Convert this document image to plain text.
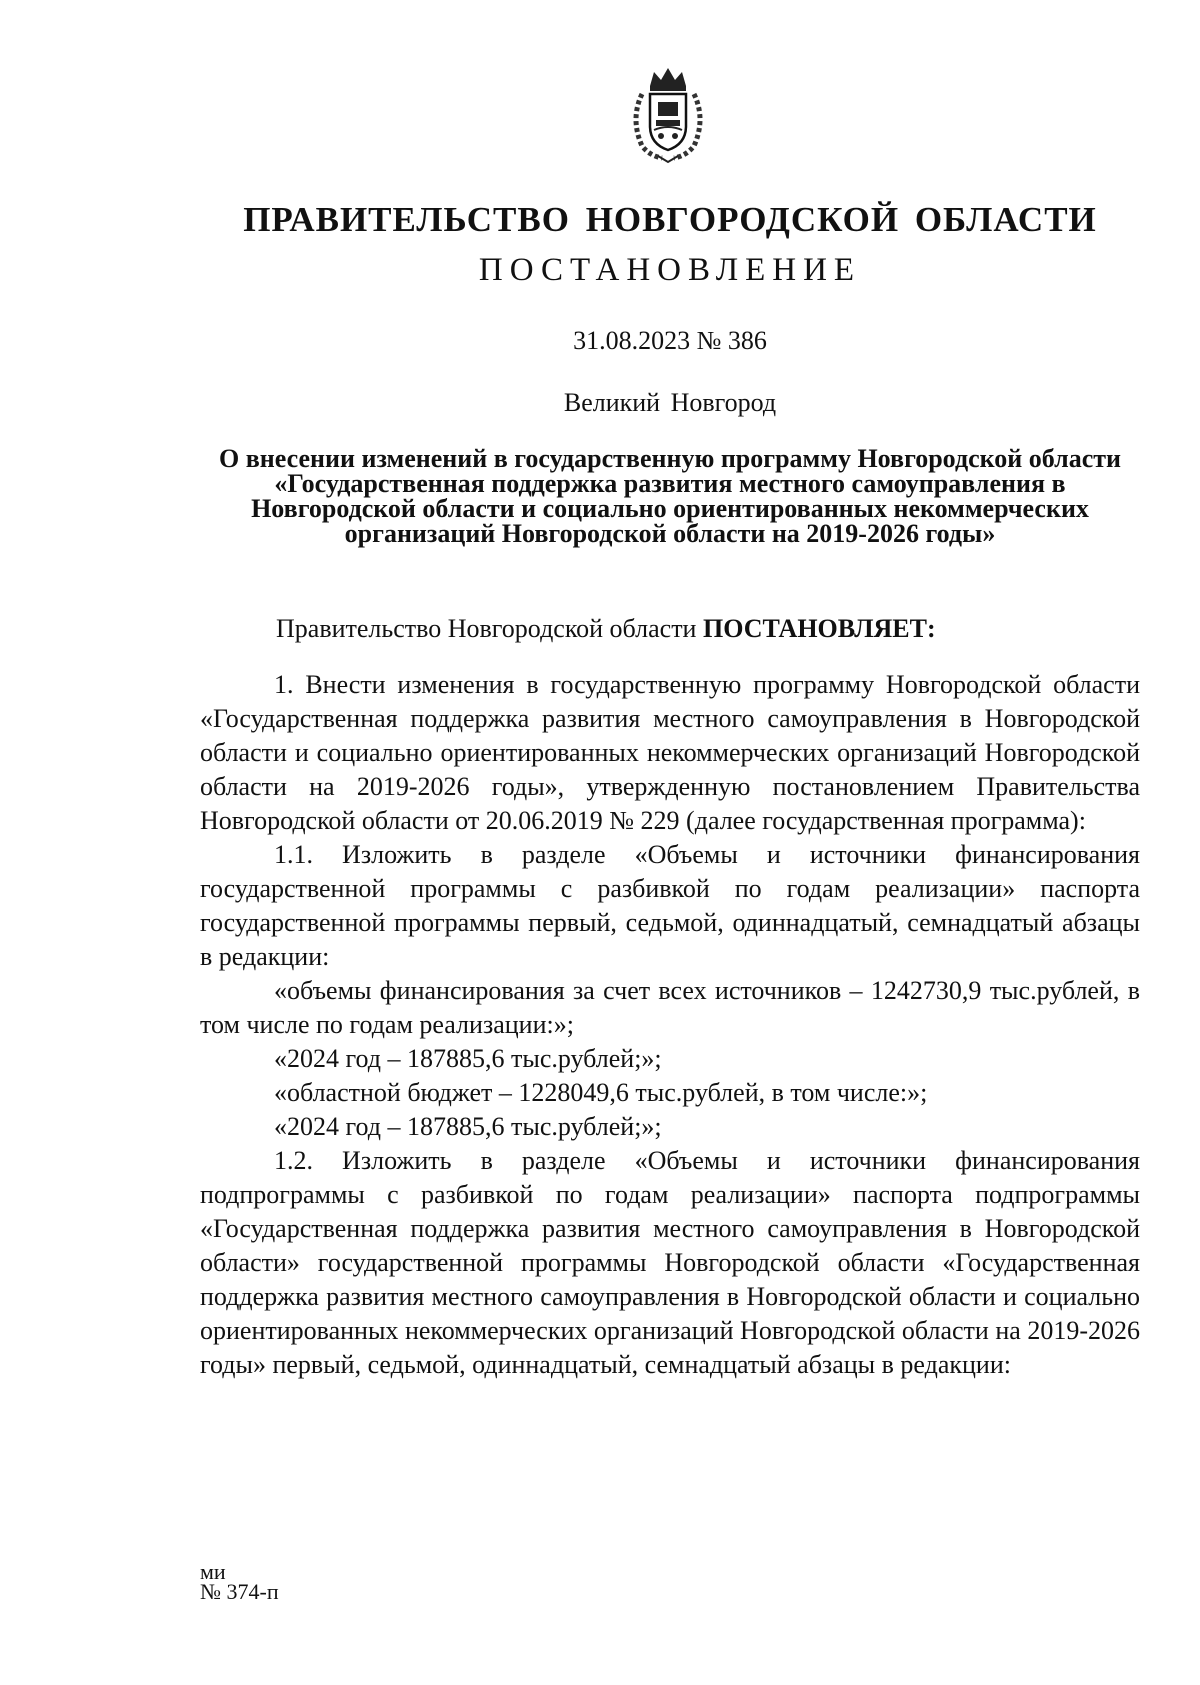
ПРАВИТЕЛЬСТВО НОВГОРОДСКОЙ ОБЛАСТИ
ПОСТАНОВЛЕНИЕ
31.08.2023 № 386
Великий Новгород
О внесении изменений в государственную программу Новгородской области «Государственная поддержка развития местного самоуправления в Новгородской области и социально ориентированных некоммерческих организаций Новгородской области на 2019-2026 годы»
Правительство Новгородской области ПОСТАНОВЛЯЕТ:

1. Внести изменения в государственную программу Новгородской области «Государственная поддержка развития местного самоуправления в Новгородской области и социально ориентированных некоммерческих организаций Новгородской области на 2019-2026 годы», утвержденную постановлением Правительства Новгородской области от 20.06.2019 № 229 (далее государственная программа):

1.1. Изложить в разделе «Объемы и источники финансирования государственной программы с разбивкой по годам реализации» паспорта государственной программы первый, седьмой, одиннадцатый, семнадцатый абзацы в редакции:

«объемы финансирования за счет всех источников – 1242730,9 тыс.рублей, в том числе по годам реализации:»;

«2024 год – 187885,6 тыс.рублей;»;

«областной бюджет – 1228049,6 тыс.рублей, в том числе:»;

«2024 год – 187885,6 тыс.рублей;»;

1.2. Изложить в разделе «Объемы и источники финансирования подпрограммы с разбивкой по годам реализации» паспорта подпрограммы «Государственная поддержка развития местного самоуправления в Новгородской области» государственной программы Новгородской области «Государственная поддержка развития местного самоуправления в Новгородской области и социально ориентированных некоммерческих организаций Новгородской области на 2019-2026 годы» первый, седьмой, одиннадцатый, семнадцатый абзацы в редакции:

ми
№ 374-п
